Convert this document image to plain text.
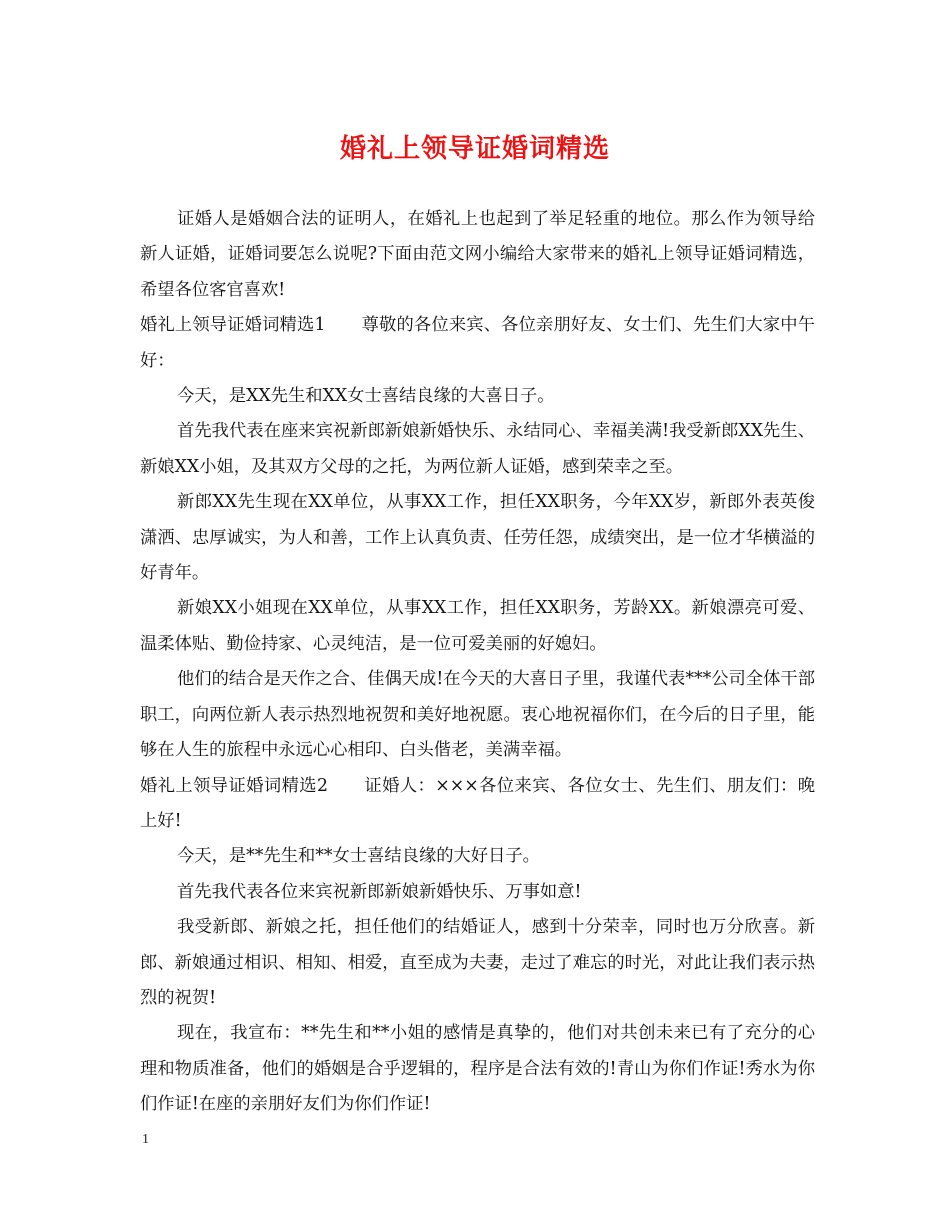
婚礼上领导证婚词精选

证婚人是婚姻合法的证明人，在婚礼上也起到了举足轻重的地位。那么作为领导给新人证婚，证婚词要怎么说呢?下面由范文网小编给大家带来的婚礼上领导证婚词精选，希望各位客官喜欢!

婚礼上领导证婚词精选1 尊敬的各位来宾、各位亲朋好友、女士们、先生们大家中午好：

今天，是XX先生和XX女士喜结良缘的大喜日子。

首先我代表在座来宾祝新郎新娘新婚快乐、永结同心、幸福美满!我受新郎XX先生、新娘XX小姐，及其双方父母的之托，为两位新人证婚，感到荣幸之至。

新郎XX先生现在XX单位，从事XX工作，担任XX职务，今年XX岁，新郎外表英俊潇洒、忠厚诚实，为人和善，工作上认真负责、任劳任怨，成绩突出，是一位才华横溢的好青年。

新娘XX小姐现在XX单位，从事XX工作，担任XX职务，芳龄XX。新娘漂亮可爱、温柔体贴、勤俭持家、心灵纯洁，是一位可爱美丽的好媳妇。

他们的结合是天作之合、佳偶天成!在今天的大喜日子里，我谨代表***公司全体干部职工，向两位新人表示热烈地祝贺和美好地祝愿。衷心地祝福你们，在今后的日子里，能够在人生的旅程中永远心心相印、白头偕老，美满幸福。

婚礼上领导证婚词精选2 证婚人：×××各位来宾、各位女士、先生们、朋友们：晚上好!

今天，是**先生和**女士喜结良缘的大好日子。

首先我代表各位来宾祝新郎新娘新婚快乐、万事如意!

我受新郎、新娘之托，担任他们的结婚证人，感到十分荣幸，同时也万分欣喜。新郎、新娘通过相识、相知、相爱，直至成为夫妻，走过了难忘的时光，对此让我们表示热烈的祝贺!

现在，我宣布：**先生和**小姐的感情是真挚的，他们对共创未来已有了充分的心理和物质准备，他们的婚姻是合乎逻辑的，程序是合法有效的!青山为你们作证!秀水为你们作证!在座的亲朋好友们为你们作证!

1
